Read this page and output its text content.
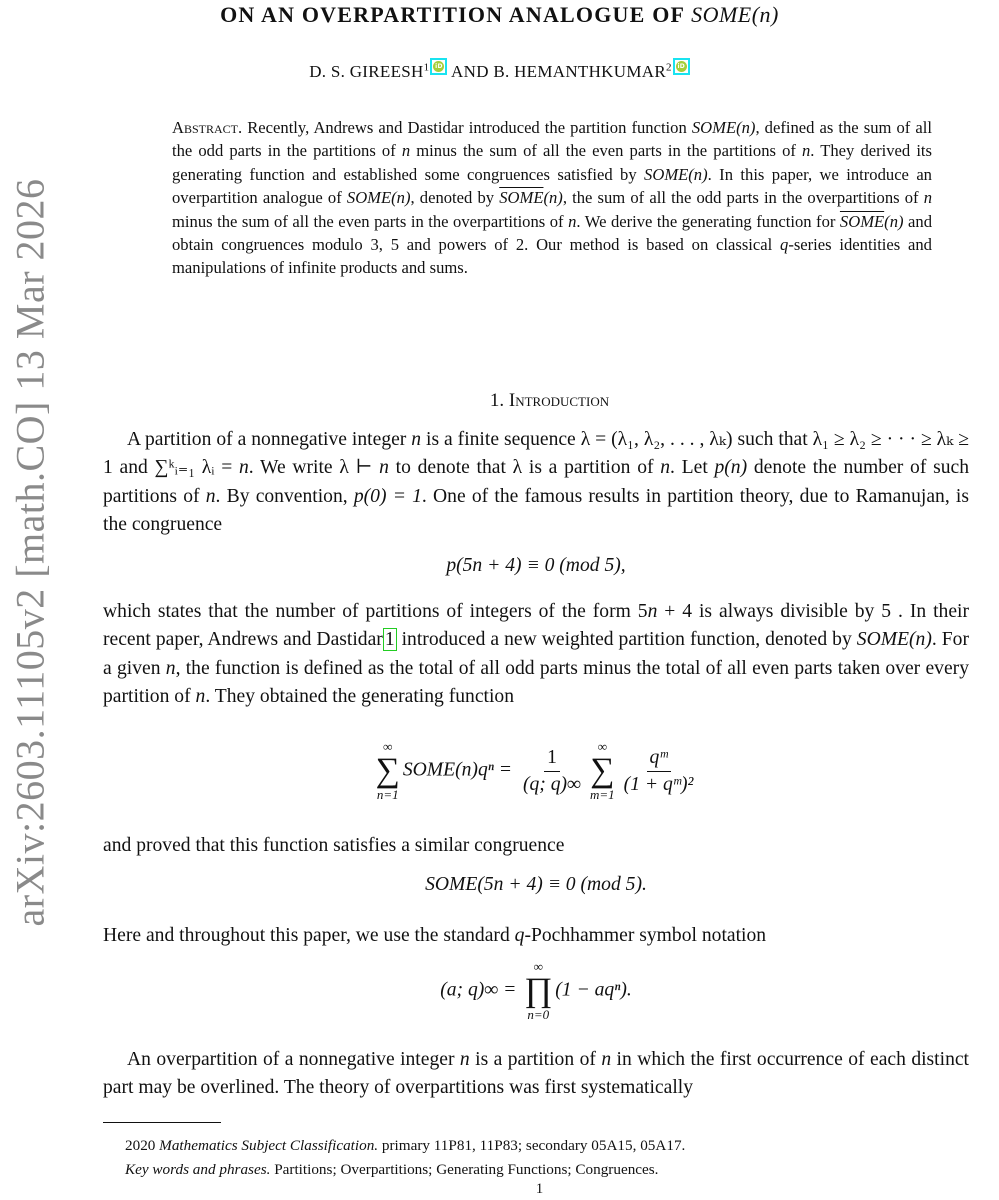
arXiv:2603.11105v2 [math.CO] 13 Mar 2026
ON AN OVERPARTITION ANALOGUE OF SOME(n)
D. S. GIREESH$^1$iD AND B. HEMANTHKUMAR$^2$iD
Abstract. Recently, Andrews and Dastidar introduced the partition function SOME(n), defined as the sum of all the odd parts in the partitions of n minus the sum of all the even parts in the partitions of n. They derived its generating function and established some congruences satisfied by SOME(n). In this paper, we introduce an overpartition analogue of SOME(n), denoted by SOME(n), the sum of all the odd parts in the overpartitions of n minus the sum of all the even parts in the overpartitions of n. We derive the generating function for SOME(n) and obtain congruences modulo 3, 5 and powers of 2. Our method is based on classical q-series identities and manipulations of infinite products and sums.
1. Introduction
A partition of a nonnegative integer n is a finite sequence λ = (λ₁, λ₂, . . . , λₖ) such that λ₁ ≥ λ₂ ≥ · · · ≥ λₖ ≥ 1 and ∑ᵏᵢ₌₁ λᵢ = n. We write λ ⊢ n to denote that λ is a partition of n. Let p(n) denote the number of such partitions of n. By convention, p(0) = 1. One of the famous results in partition theory, due to Ramanujan, is the congruence
p(5n + 4) ≡ 0 (mod 5),
which states that the number of partitions of integers of the form 5n + 4 is always divisible by 5 . In their recent paper, Andrews and Dastidar 1 introduced a new weighted partition function, denoted by SOME(n). For a given n, the function is defined as the total of all odd parts minus the total of all even parts taken over every partition of n. They obtained the generating function
∞
∑
n=1
SOME(n)qⁿ = $\frac{1}{(q; q)\infty}$ ∞
∑
$m=1 \frac{\text{qᵐ}}{\text{(1 + qᵐ)²}}$
and proved that this function satisfies a similar congruence
SOME(5n + 4) ≡ 0 (mod 5).
Here and throughout this paper, we use the standard q-Pochhammer symbol notation
(a; q)∞ =
∞
∏
n=0
(1 − aqⁿ).
An overpartition of a nonnegative integer n is a partition of n in which the first occurrence of each distinct part may be overlined. The theory of overpartitions was first systematically
2020 Mathematics Subject Classification. primary 11P81, 11P83; secondary 05A15, 05A17.
Key words and phrases. Partitions; Overpartitions; Generating Functions; Congruences.
1
